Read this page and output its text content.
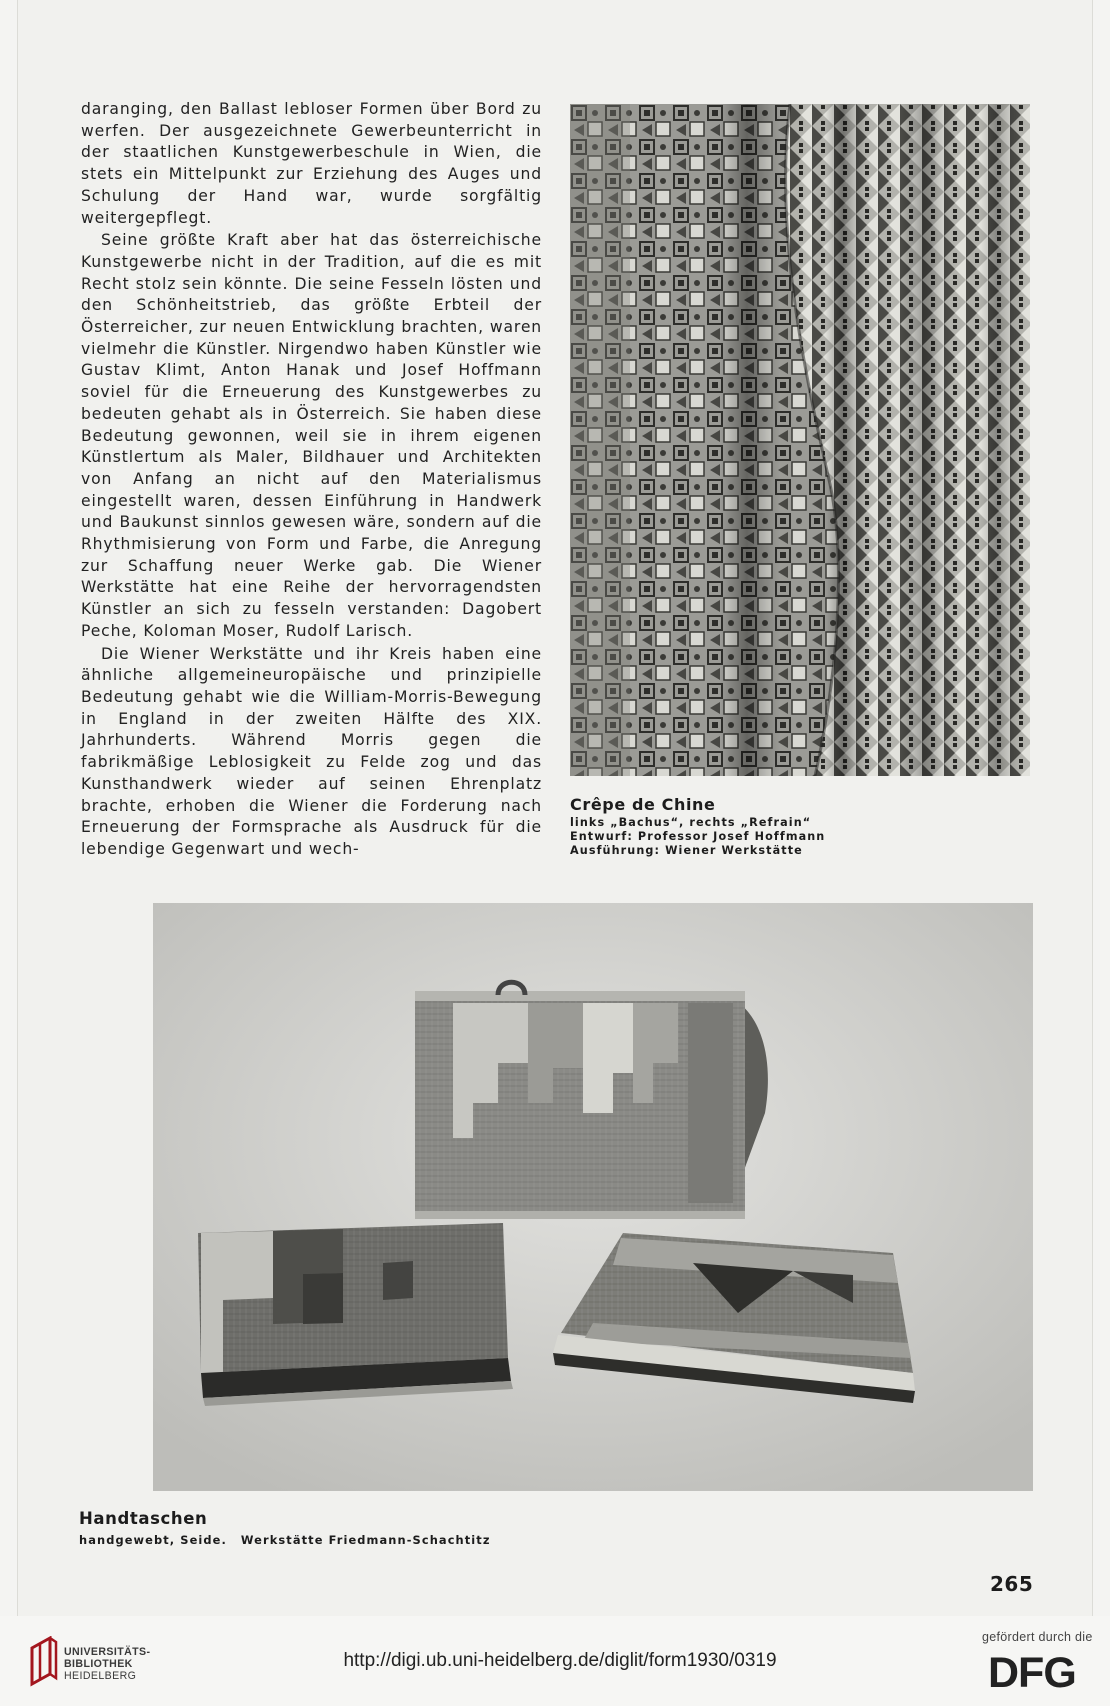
daranging, den Ballast lebloser Formen über Bord zu werfen. Der ausgezeichnete Gewerbeunterricht in der staatlichen Kunstgewerbeschule in Wien, die stets ein Mittelpunkt zur Erziehung des Auges und Schulung der Hand war, wurde sorgfältig weitergepflegt.

Seine größte Kraft aber hat das österreichische Kunstgewerbe nicht in der Tradition, auf die es mit Recht stolz sein könnte. Die seine Fesseln lösten und den Schönheitstrieb, das größte Erbteil der Österreicher, zur neuen Entwicklung brachten, waren vielmehr die Künstler. Nirgendwo haben Künstler wie Gustav Klimt, Anton Hanak und Josef Hoffmann soviel für die Erneuerung des Kunstgewerbes zu bedeuten gehabt als in Österreich. Sie haben diese Bedeutung gewonnen, weil sie in ihrem eigenen Künstlertum als Maler, Bildhauer und Architekten von Anfang an nicht auf den Materialismus eingestellt waren, dessen Einführung in Handwerk und Baukunst sinnlos gewesen wäre, sondern auf die Rhythmisierung von Form und Farbe, die Anregung zur Schaffung neuer Werke gab. Die Wiener Werkstätte hat eine Reihe der hervorragendsten Künstler an sich zu fesseln verstanden: Dagobert Peche, Koloman Moser, Rudolf Larisch.

Die Wiener Werkstätte und ihr Kreis haben eine ähnliche allgemeineuropäische und prinzipielle Bedeutung gehabt wie die William-Morris-Bewegung in England in der zweiten Hälfte des XIX. Jahrhunderts. Während Morris gegen die fabrikmäßige Leblosigkeit zu Felde zog und das Kunsthandwerk wieder auf seinen Ehrenplatz brachte, erhoben die Wiener die Forderung nach Erneuerung der Formsprache als Ausdruck für die lebendige Gegenwart und wech-

Crêpe de Chine
links „Bachus“, rechts „Refrain“
Entwurf: Professor Josef Hoffmann
Ausführung: Wiener Werkstätte
Handtaschen
handgewebt, Seide. Werkstätte Friedmann-Schachtitz
265
UNIVERSITÄTS-
BIBLIOTHEK
HEIDELBERG
http://digi.ub.uni-heidelberg.de/diglit/form1930/0319
gefördert durch die
DFG
